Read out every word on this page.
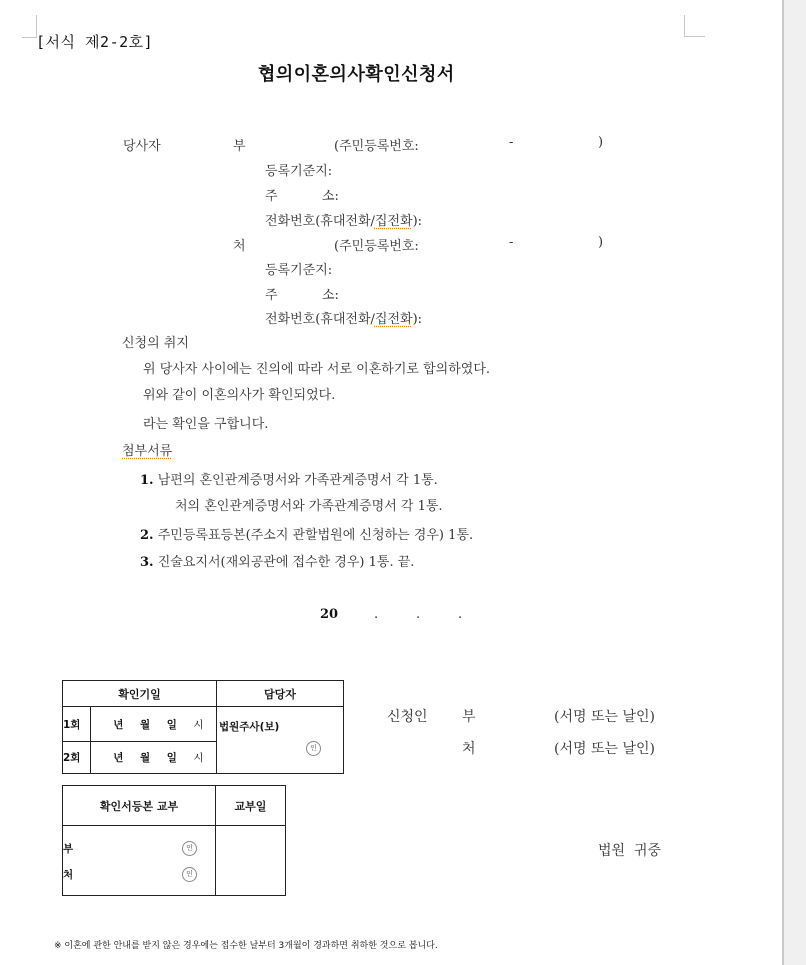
[서식 제2-2호]
협의이혼의사확인신청서
당사자	부	(주민등록번호:	-	)
등록기준지:
주	소:
전화번호(휴대전화/집전화):
처	(주민등록번호:	-	)
등록기준지:
주	소:
전화번호(휴대전화/집전화):
신청의 취지
위 당사자 사이에는 진의에 따라 서로 이혼하기로 합의하였다.
위와 같이 이혼의사가 확인되었다.
라는 확인을 구합니다.
첨부서류
1. 남편의 혼인관계증명서와 가족관계증명서 각 1통.
처의 혼인관계증명서와 가족관계증명서 각 1통.
2. 주민등록표등본(주소지 관할법원에 신청하는 경우) 1통.
3. 진술요지서(재외공관에 접수한 경우) 1통. 끝.
20	.	.	.
확인기일		담당자
1회	년 월 일 시	법원주사(보)
인

2회	년 월 일 시	
신청인 부	(서명 또는 날인)
처	(서명 또는 날인)
확인서등본 교부	교부일

부 인
처 인	

법원  귀중
※ 이혼에 관한 안내를 받지 않은 경우에는 접수한 날부터 3개월이 경과하면 취하한 것으로 봅니다.
